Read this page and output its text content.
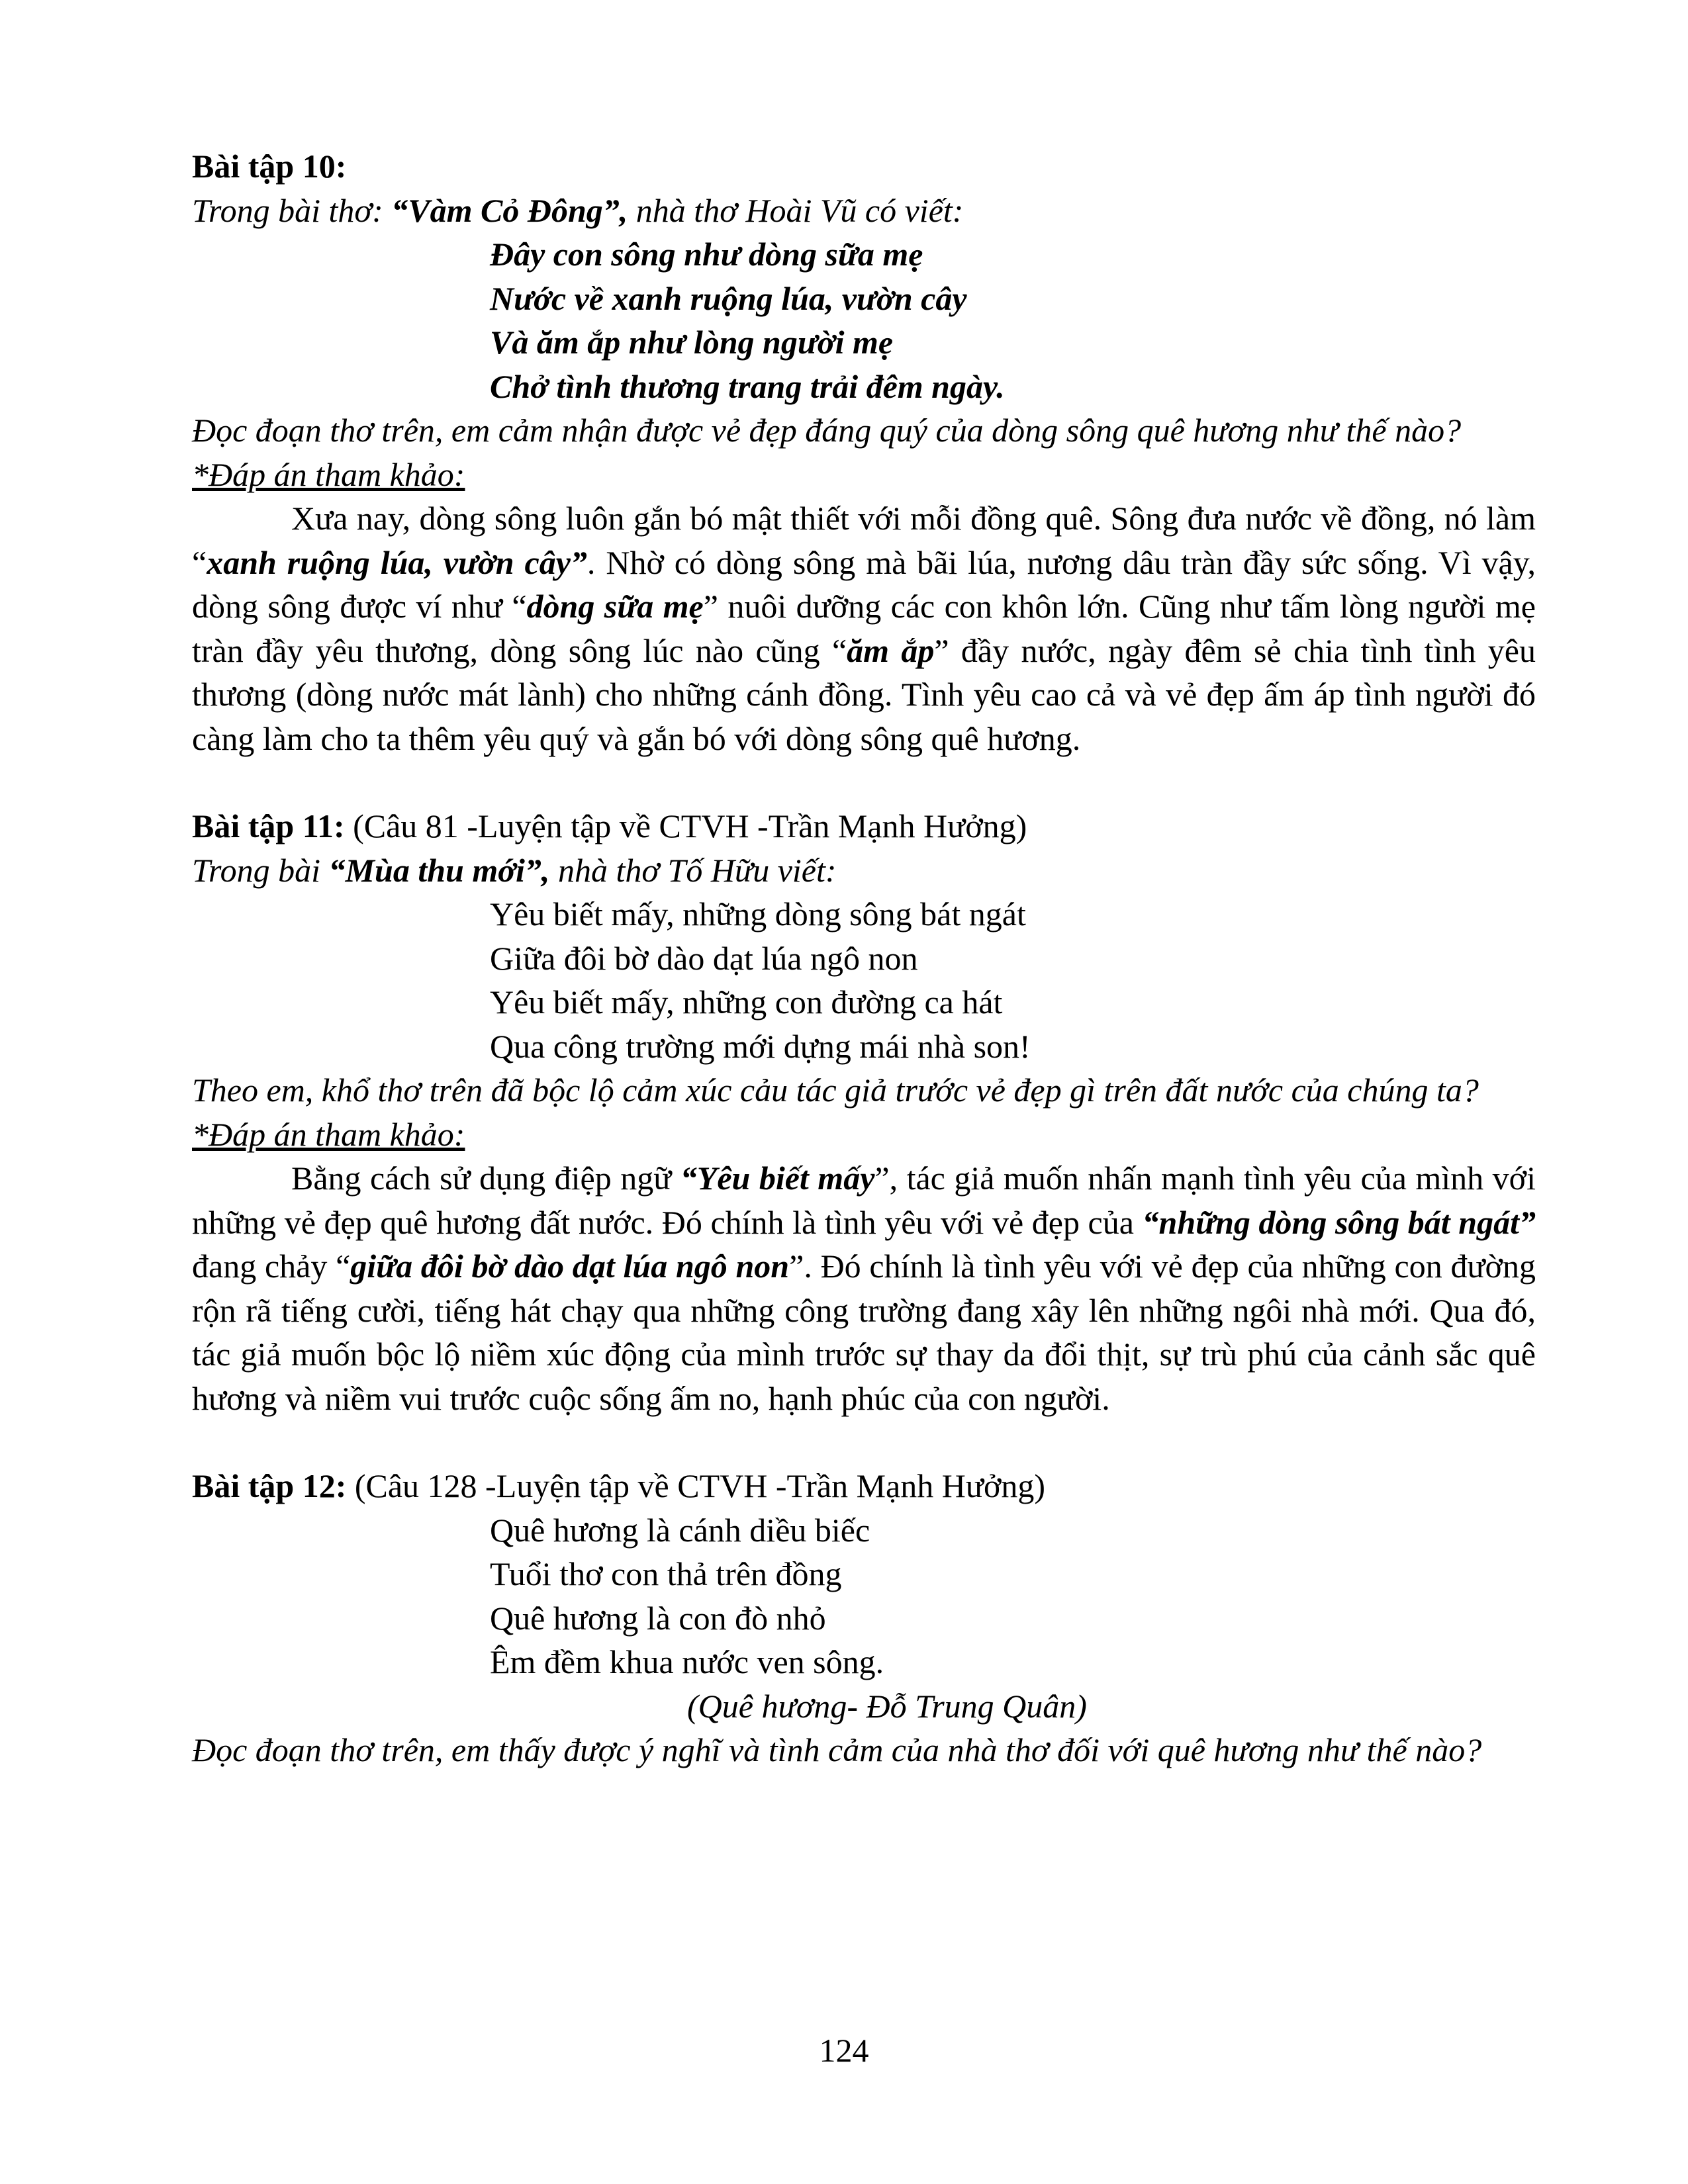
Bài tập 10:
Trong bài thơ: “Vàm Cỏ Đông”, nhà thơ Hoài Vũ có viết:
Đây con sông như dòng sữa mẹ
Nước về xanh ruộng lúa, vườn cây
Và ăm ắp như lòng người mẹ
Chở tình thương trang trải đêm ngày.
Đọc đoạn thơ trên, em cảm nhận được vẻ đẹp đáng quý của dòng sông quê hương như thế nào?
*Đáp án tham khảo:
Xưa nay, dòng sông luôn gắn bó mật thiết với mỗi đồng quê. Sông đưa nước về đồng, nó làm “xanh ruộng lúa, vườn cây”. Nhờ có dòng sông mà bãi lúa, nương dâu tràn đầy sức sống. Vì vậy, dòng sông được ví như “dòng sữa mẹ” nuôi dưỡng các con khôn lớn. Cũng như tấm lòng người mẹ tràn đầy yêu thương, dòng sông lúc nào cũng “ăm ắp” đầy nước, ngày đêm sẻ chia tình tình yêu thương (dòng nước mát lành) cho những cánh đồng. Tình yêu cao cả và vẻ đẹp ấm áp tình người đó càng làm cho ta thêm yêu quý và gắn bó với dòng sông quê hương.
Bài tập 11: (Câu 81 -Luyện tập về CTVH -Trần Mạnh Hưởng)
Trong bài “Mùa thu mới”, nhà thơ Tố Hữu viết:
Yêu biết mấy, những dòng sông bát ngát
Giữa đôi bờ dào dạt lúa ngô non
Yêu biết mấy, những con đường ca hát
Qua công trường mới dựng mái nhà son!
Theo em, khổ thơ trên đã bộc lộ cảm xúc cảu tác giả trước vẻ đẹp gì trên đất nước của chúng ta?
*Đáp án tham khảo:
Bằng cách sử dụng điệp ngữ “Yêu biết mấy”, tác giả muốn nhấn mạnh tình yêu của mình với những vẻ đẹp quê hương đất nước. Đó chính là tình yêu với vẻ đẹp của “những dòng sông bát ngát” đang chảy “giữa đôi bờ dào dạt lúa ngô non”. Đó chính là tình yêu với vẻ đẹp của những con đường rộn rã tiếng cười, tiếng hát chạy qua những công trường đang xây lên những ngôi nhà mới. Qua đó, tác giả muốn bộc lộ niềm xúc động của mình trước sự thay da đổi thịt, sự trù phú của cảnh sắc quê hương và niềm vui trước cuộc sống ấm no, hạnh phúc của con người.
Bài tập 12: (Câu 128 -Luyện tập về CTVH -Trần Mạnh Hưởng)
Quê hương là cánh diều biếc
Tuổi thơ con thả trên đồng
Quê hương là con đò nhỏ
Êm đềm khua nước ven sông.
(Quê hương- Đỗ Trung Quân)
Đọc đoạn thơ trên, em thấy được ý nghĩ và tình cảm của nhà thơ đối với quê hương như thế nào?
124
